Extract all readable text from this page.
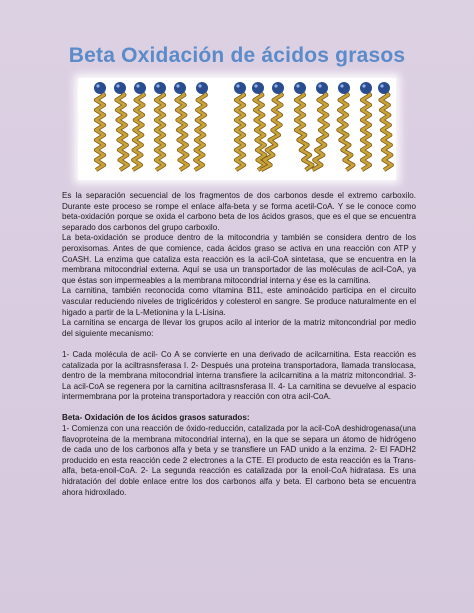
Beta Oxidación de ácidos grasos

Es la separación secuencial de los fragmentos de dos carbonos desde el extremo carboxilo. Durante este proceso se rompe el enlace alfa-beta y se forma acetil-CoA. Y se le conoce como beta-oxidación porque se oxida el carbono beta de los ácidos grasos, que es el que se encuentra separado dos carbonos del grupo carboxilo.

La beta-oxidación se produce dentro de la mitocondria y también se considera dentro de los peroxisomas. Antes de que comience, cada ácidos graso se activa en una reacción con ATP y CoASH. La enzima que cataliza esta reacción es la acil-CoA sintetasa, que se encuentra en la membrana mitocondrial externa. Aquí se usa un transportador de las moléculas de acil-CoA, ya que éstas son impermeables a la membrana mitocondrial interna y ése es la carnitina.

La carnitina, también reconocida como vitamina B11, este aminoácido participa en el circuito vascular reduciendo niveles de triglicéridos y colesterol en sangre. Se produce naturalmente en el higado a partir de la L-Metionina y la L-Lisina.

La carnitina se encarga de llevar los grupos acilo al interior de la matriz mitoncondrial por medio del siguiente mecanismo:

1- Cada molécula de acil- Co A se convierte en una derivado de acilcarnitina. Esta reacción es catalizada por la aciltrasnsferasa I. 2- Después una proteina transportadora, llamada translocasa, dentro de la membrana mitocondrial interna transfiere la acilcarnitina a la matriz mitoncondrial. 3- La acil-CoA se regenera por la carnitina aciltrasnsferasa II. 4- La carnitina se devuelve al espacio intermembrana por la proteina transportadora y reacción con otra acil-CoA.

Beta- Oxidación de los ácidos grasos saturados:

1- Comienza con una reacción de óxido-reducción, catalizada por la acil-CoA deshidrogenasa(una flavoproteina de la membrana mitocondrial interna), en la que se separa un átomo de hidrógeno de cada uno de los carbonos alfa y beta y se transfiere un FAD unido a la enzima. 2- El FADH2 producido en esta reacción cede 2 electrones a la CTE. El producto de esta reacción es la Trans-alfa, beta-enoil-CoA. 2- La segunda reacción es catalizada por la enoil-CoA hidratasa. Es una hidratación del doble enlace entre los dos carbonos alfa y beta. El carbono beta se encuentra ahora hidroxilado.
